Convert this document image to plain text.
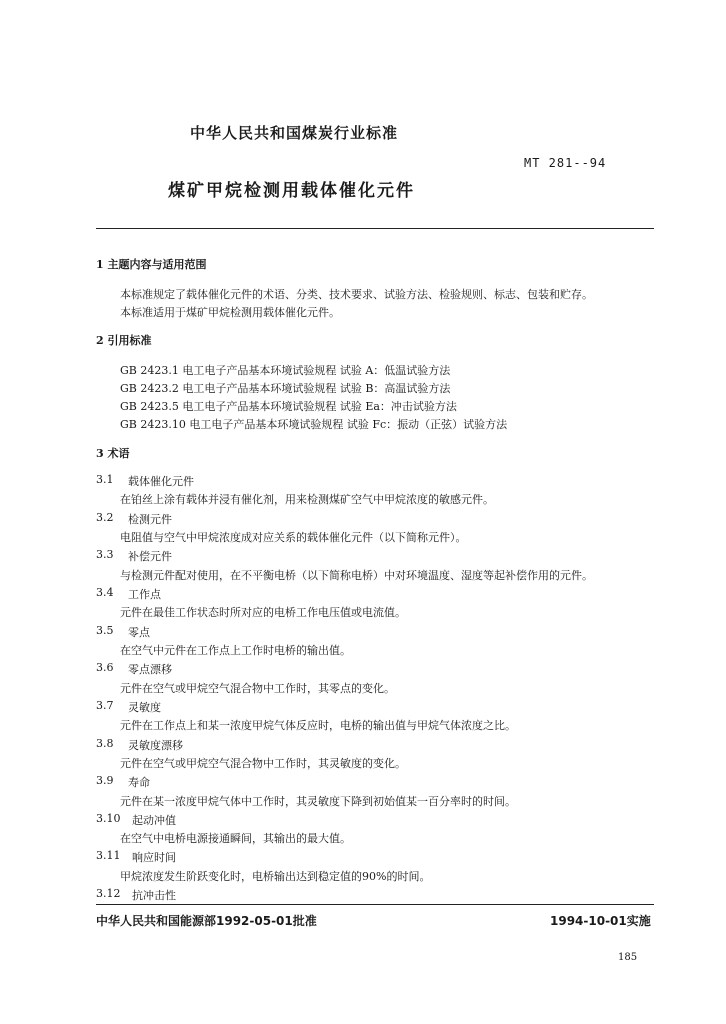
中华人民共和国煤炭行业标准
MT 281--94
煤矿甲烷检测用载体催化元件
1 主题内容与适用范围
本标准规定了载体催化元件的术语、分类、技术要求、试验方法、检验规则、标志、包装和贮存。
本标准适用于煤矿甲烷检测用载体催化元件。
2 引用标准
GB 2423.1 电工电子产品基本环境试验规程 试验 A：低温试验方法
GB 2423.2 电工电子产品基本环境试验规程 试验 B：高温试验方法
GB 2423.5 电工电子产品基本环境试验规程 试验 Ea：冲击试验方法
GB 2423.10 电工电子产品基本环境试验规程 试验 Fc：振动（正弦）试验方法
3 术语
3.1 载体催化元件
在铂丝上涂有载体并浸有催化剂，用来检测煤矿空气中甲烷浓度的敏感元件。
3.2 检测元件
电阻值与空气中甲烷浓度成对应关系的载体催化元件（以下简称元件）。
3.3 补偿元件
与检测元件配对使用，在不平衡电桥（以下简称电桥）中对环境温度、湿度等起补偿作用的元件。
3.4 工作点
元件在最佳工作状态时所对应的电桥工作电压值或电流值。
3.5 零点
在空气中元件在工作点上工作时电桥的输出值。
3.6 零点漂移
元件在空气或甲烷空气混合物中工作时，其零点的变化。
3.7 灵敏度
元件在工作点上和某一浓度甲烷气体反应时，电桥的输出值与甲烷气体浓度之比。
3.8 灵敏度漂移
元件在空气或甲烷空气混合物中工作时，其灵敏度的变化。
3.9 寿命
元件在某一浓度甲烷气体中工作时，其灵敏度下降到初始值某一百分率时的时间。
3.10 起动冲值
在空气中电桥电源接通瞬间，其输出的最大值。
3.11 响应时间
甲烷浓度发生阶跃变化时，电桥输出达到稳定值的90%的时间。
3.12 抗冲击性
中华人民共和国能源部1992-05-01批准	1994-10-01实施
185
